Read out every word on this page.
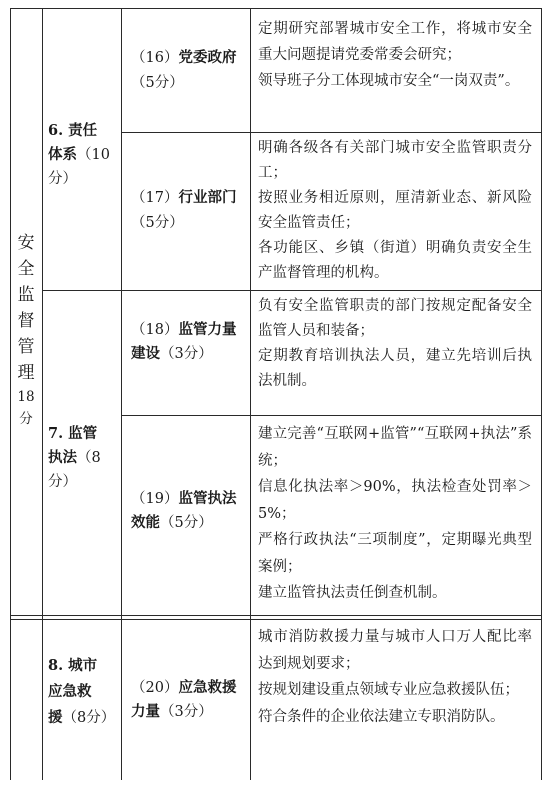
安
全
监
督
管
理
18
分
6. 责任
体系（10
分）
（16）党委政府
（5分）

定期研究部署城市安全工作，将城市安全重大问题提请党委常委会研究；

领导班子分工体现城市安全“一岗双责”。

（17）行业部门
（5分）

明确各级各有关部门城市安全监管职责分工；

按照业务相近原则，厘清新业态、新风险安全监管责任；

各功能区、乡镇（街道）明确负责安全生产监督管理的机构。

7. 监管
执法（8
分）
（18）监管力量
建设（3分）

负有安全监管职责的部门按规定配备安全监管人员和装备；

定期教育培训执法人员，建立先培训后执法机制。

（19）监管执法
效能（5分）

建立完善“互联网+监管”“互联网+执法”系统；

信息化执法率＞90%，执法检查处罚率＞5%；

严格行政执法“三项制度”，定期曝光典型案例；

建立监管执法责任倒查机制。

8. 城市
应急救
援（8分）
（20）应急救援
力量（3分）

城市消防救援力量与城市人口万人配比率达到规划要求；

按规划建设重点领域专业应急救援队伍；

符合条件的企业依法建立专职消防队。
